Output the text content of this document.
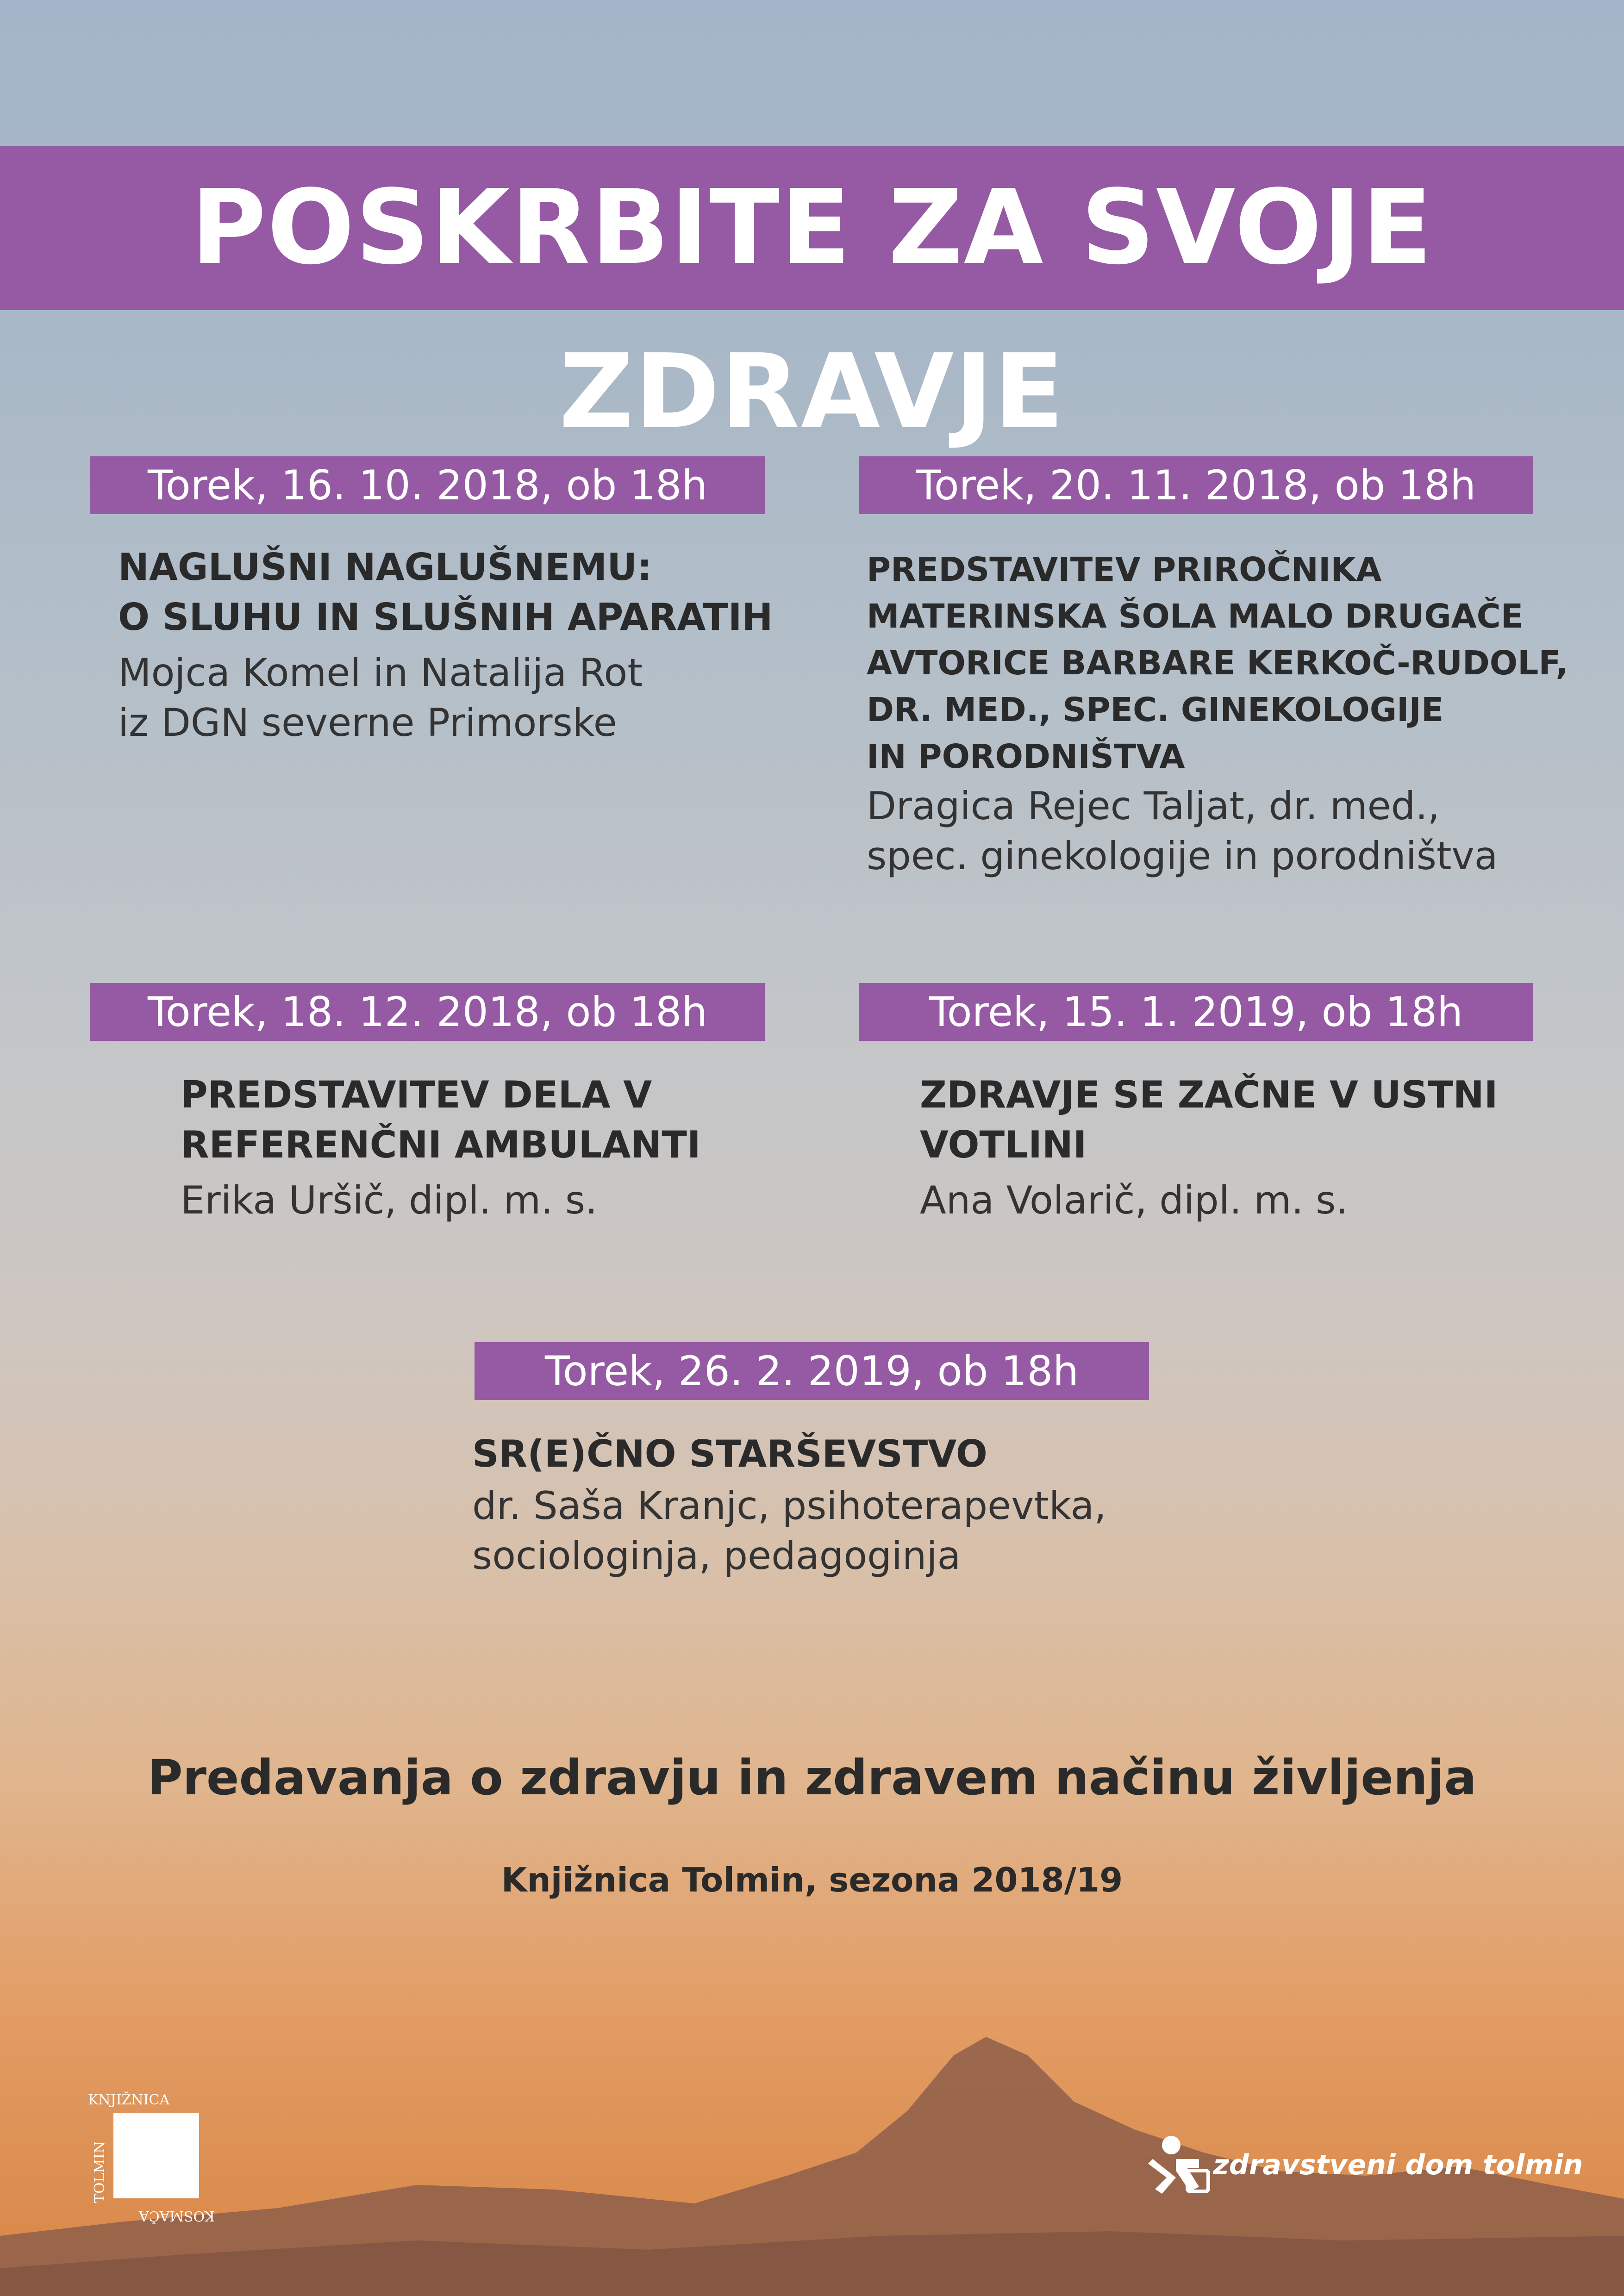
POSKRBITE ZA SVOJE ZDRAVJE
Torek, 16. 10. 2018, ob 18h
NAGLUŠNI NAGLUŠNEMU:
O SLUHU IN SLUŠNIH APARATIH
Mojca Komel in Natalija Rot
iz DGN severne Primorske
Torek, 20. 11. 2018, ob 18h
PREDSTAVITEV PRIROČNIKA
MATERINSKA ŠOLA MALO DRUGAČE
AVTORICE BARBARE KERKOČ-RUDOLF,
DR. MED., SPEC. GINEKOLOGIJE
IN PORODNIŠTVA
Dragica Rejec Taljat, dr. med.,
spec. ginekologije in porodništva
Torek, 18. 12. 2018, ob 18h
PREDSTAVITEV DELA V
REFERENČNI AMBULANTI
Erika Uršič, dipl. m. s.
Torek, 15. 1. 2019, ob 18h
ZDRAVJE SE ZAČNE V USTNI
VOTLINI
Ana Volarič, dipl. m. s.
Torek, 26. 2. 2019, ob 18h
SR(E)ČNO STARŠEVSTVO
dr. Saša Kranjc, psihoterapevtka,
sociologinja, pedagoginja
Predavanja o zdravju in zdravem načinu življenja
Knjižnica Tolmin, sezona 2018/19
KNJIŽNICA
CIRILA
KOSMAČA
TOLMIN	zdravstveni dom tolmin
